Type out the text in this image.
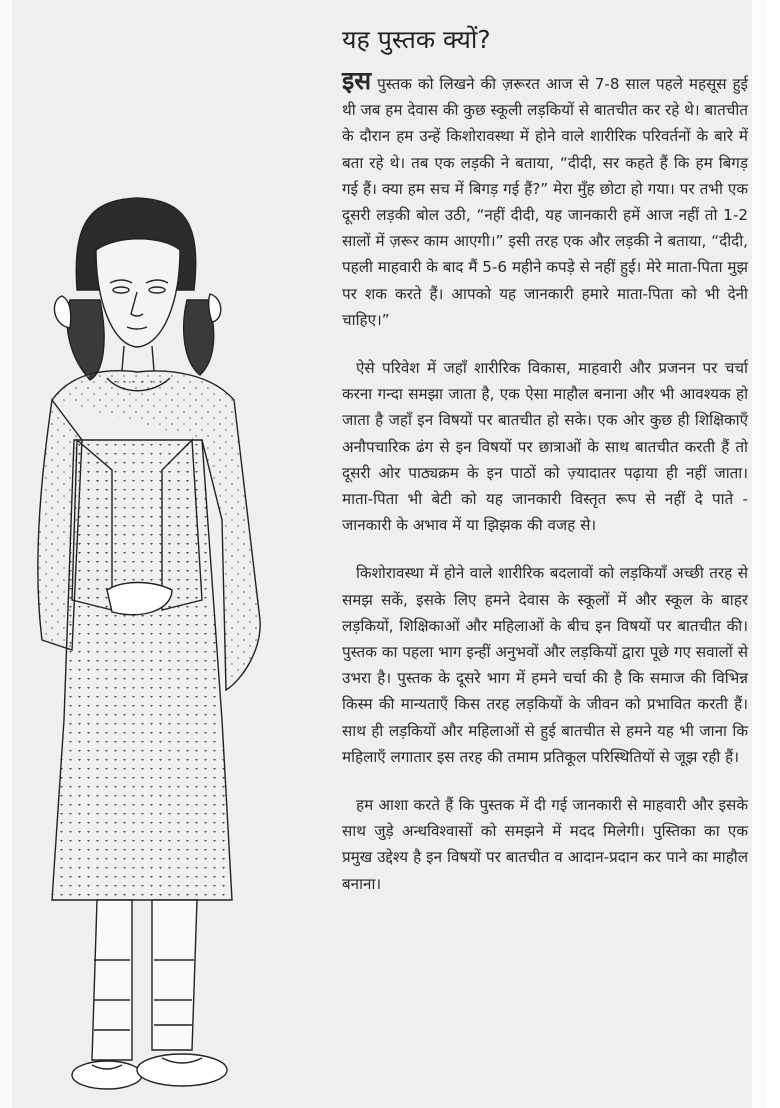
यह पुस्तक क्यों?

इस पुस्तक को लिखने की ज़रूरत आज से 7-8 साल पहले महसूस हुई थी जब हम देवास की कुछ स्कूली लड़कियों से बातचीत कर रहे थे। बातचीत के दौरान हम उन्हें किशोरावस्था में होने वाले शारीरिक परिवर्तनों के बारे में बता रहे थे। तब एक लड़की ने बताया, “दीदी, सर कहते हैं कि हम बिगड़ गई हैं। क्या हम सच में बिगड़ गई हैं?” मेरा मुँह छोटा हो गया। पर तभी एक दूसरी लड़की बोल उठी, “नहीं दीदी, यह जानकारी हमें आज नहीं तो 1-2 सालों में ज़रूर काम आएगी।” इसी तरह एक और लड़की ने बताया, “दीदी, पहली माहवारी के बाद मैं 5-6 महीने कपड़े से नहीं हुई। मेरे माता-पिता मुझ पर शक करते हैं। आपको यह जानकारी हमारे माता-पिता को भी देनी चाहिए।”

ऐसे परिवेश में जहाँ शारीरिक विकास, माहवारी और प्रजनन पर चर्चा करना गन्दा समझा जाता है, एक ऐसा माहौल बनाना और भी आवश्यक हो जाता है जहाँ इन विषयों पर बातचीत हो सके। एक ओर कुछ ही शिक्षिकाएँ अनौपचारिक ढंग से इन विषयों पर छात्राओं के साथ बातचीत करती हैं तो दूसरी ओर पाठ्यक्रम के इन पाठों को ज़्यादातर पढ़ाया ही नहीं जाता। माता-पिता भी बेटी को यह जानकारी विस्तृत रूप से नहीं दे पाते - जानकारी के अभाव में या झिझक की वजह से।

किशोरावस्था में होने वाले शारीरिक बदलावों को लड़कियाँ अच्छी तरह से समझ सकें, इसके लिए हमने देवास के स्कूलों में और स्कूल के बाहर लड़कियों, शिक्षिकाओं और महिलाओं के बीच इन विषयों पर बातचीत की। पुस्तक का पहला भाग इन्हीं अनुभवों और लड़कियों द्वारा पूछे गए सवालों से उभरा है। पुस्तक के दूसरे भाग में हमने चर्चा की है कि समाज की विभिन्न किस्म की मान्यताएँ किस तरह लड़कियों के जीवन को प्रभावित करती हैं। साथ ही लड़कियों और महिलाओं से हुई बातचीत से हमने यह भी जाना कि महिलाएँ लगातार इस तरह की तमाम प्रतिकूल परिस्थितियों से जूझ रही हैं।

हम आशा करते हैं कि पुस्तक में दी गई जानकारी से माहवारी और इसके साथ जुड़े अन्धविश्वासों को समझने में मदद मिलेगी। पुस्तिका का एक प्रमुख उद्देश्य है इन विषयों पर बातचीत व आदान-प्रदान कर पाने का माहौल बनाना।
